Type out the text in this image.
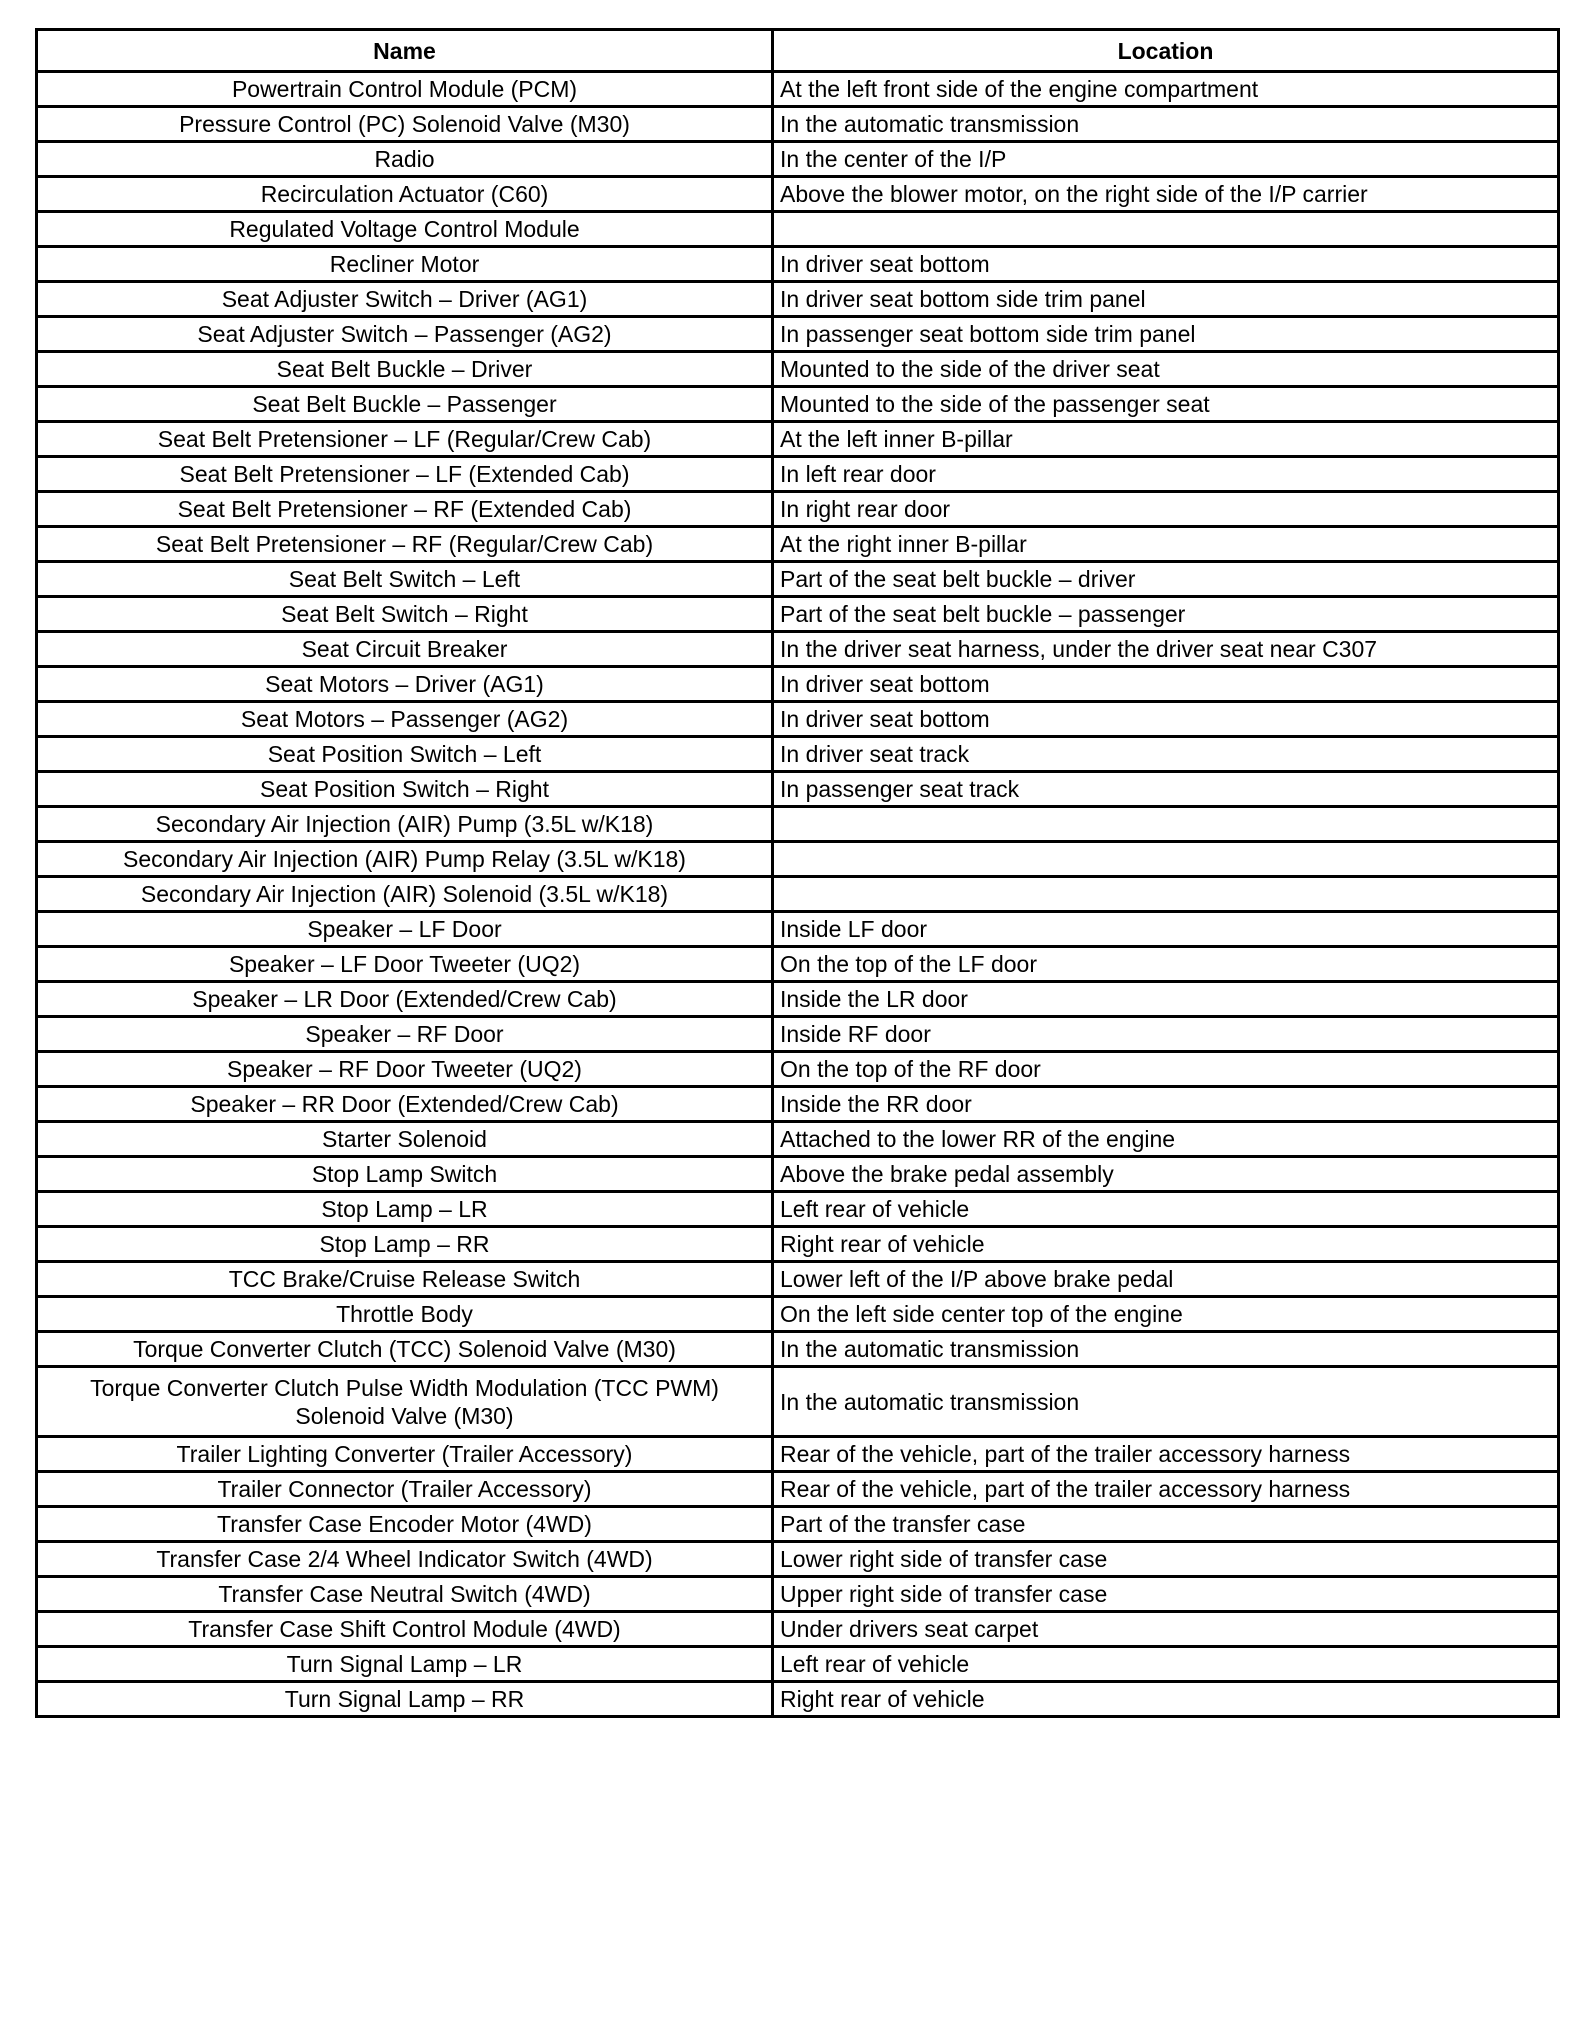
Name	Location
Powertrain Control Module (PCM)	At the left front side of the engine compartment
Pressure Control (PC) Solenoid Valve (M30)	In the automatic transmission
Radio	In the center of the I/P
Recirculation Actuator (C60)	Above the blower motor, on the right side of the I/P carrier
Regulated Voltage Control Module	
Recliner Motor	In driver seat bottom
Seat Adjuster Switch – Driver (AG1)	In driver seat bottom side trim panel
Seat Adjuster Switch – Passenger (AG2)	In passenger seat bottom side trim panel
Seat Belt Buckle – Driver	Mounted to the side of the driver seat
Seat Belt Buckle – Passenger	Mounted to the side of the passenger seat
Seat Belt Pretensioner – LF (Regular/Crew Cab)	At the left inner B-pillar
Seat Belt Pretensioner – LF (Extended Cab)	In left rear door
Seat Belt Pretensioner – RF (Extended Cab)	In right rear door
Seat Belt Pretensioner – RF (Regular/Crew Cab)	At the right inner B-pillar
Seat Belt Switch – Left	Part of the seat belt buckle – driver
Seat Belt Switch – Right	Part of the seat belt buckle – passenger
Seat Circuit Breaker	In the driver seat harness, under the driver seat near C307
Seat Motors – Driver (AG1)	In driver seat bottom
Seat Motors – Passenger (AG2)	In driver seat bottom
Seat Position Switch – Left	In driver seat track
Seat Position Switch – Right	In passenger seat track
Secondary Air Injection (AIR) Pump (3.5L w/K18)	
Secondary Air Injection (AIR) Pump Relay (3.5L w/K18)	
Secondary Air Injection (AIR) Solenoid (3.5L w/K18)	
Speaker – LF Door	Inside LF door
Speaker – LF Door Tweeter (UQ2)	On the top of the LF door
Speaker – LR Door (Extended/Crew Cab)	Inside the LR door
Speaker – RF Door	Inside RF door
Speaker – RF Door Tweeter (UQ2)	On the top of the RF door
Speaker – RR Door (Extended/Crew Cab)	Inside the RR door
Starter Solenoid	Attached to the lower RR of the engine
Stop Lamp Switch	Above the brake pedal assembly
Stop Lamp – LR	Left rear of vehicle
Stop Lamp – RR	Right rear of vehicle
TCC Brake/Cruise Release Switch	Lower left of the I/P above brake pedal
Throttle Body	On the left side center top of the engine
Torque Converter Clutch (TCC) Solenoid Valve (M30)	In the automatic transmission
Torque Converter Clutch Pulse Width Modulation (TCC PWM) Solenoid Valve (M30)	In the automatic transmission
Trailer Lighting Converter (Trailer Accessory)	Rear of the vehicle, part of the trailer accessory harness
Trailer Connector (Trailer Accessory)	Rear of the vehicle, part of the trailer accessory harness
Transfer Case Encoder Motor (4WD)	Part of the transfer case
Transfer Case 2/4 Wheel Indicator Switch (4WD)	Lower right side of transfer case
Transfer Case Neutral Switch (4WD)	Upper right side of transfer case
Transfer Case Shift Control Module (4WD)	Under drivers seat carpet
Turn Signal Lamp – LR	Left rear of vehicle
Turn Signal Lamp – RR	Right rear of vehicle
